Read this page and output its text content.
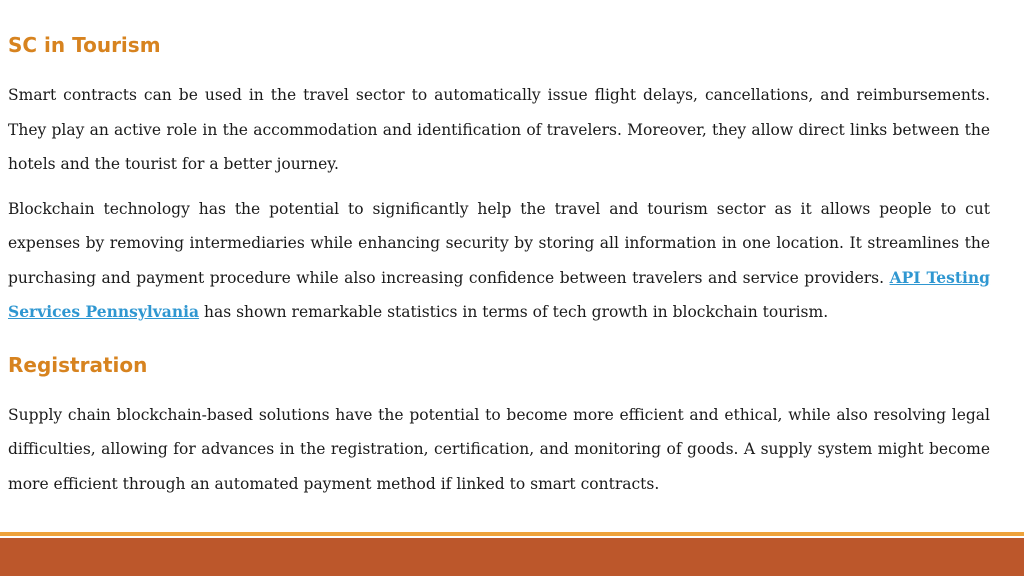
SC in Tourism

Smart contracts can be used in the travel sector to automatically issue flight delays, cancellations, and reimbursements. They play an active role in the accommodation and identification of travelers. Moreover, they allow direct links between the hotels and the tourist for a better journey.

Blockchain technology has the potential to significantly help the travel and tourism sector as it allows people to cut expenses by removing intermediaries while enhancing security by storing all information in one location. It streamlines the purchasing and payment procedure while also increasing confidence between travelers and service providers. API Testing Services Pennsylvania has shown remarkable statistics in terms of tech growth in blockchain tourism.

Registration

Supply chain blockchain-based solutions have the potential to become more efficient and ethical, while also resolving legal difficulties, allowing for advances in the registration, certification, and monitoring of goods. A supply system might become more efficient through an automated payment method if linked to smart contracts.
